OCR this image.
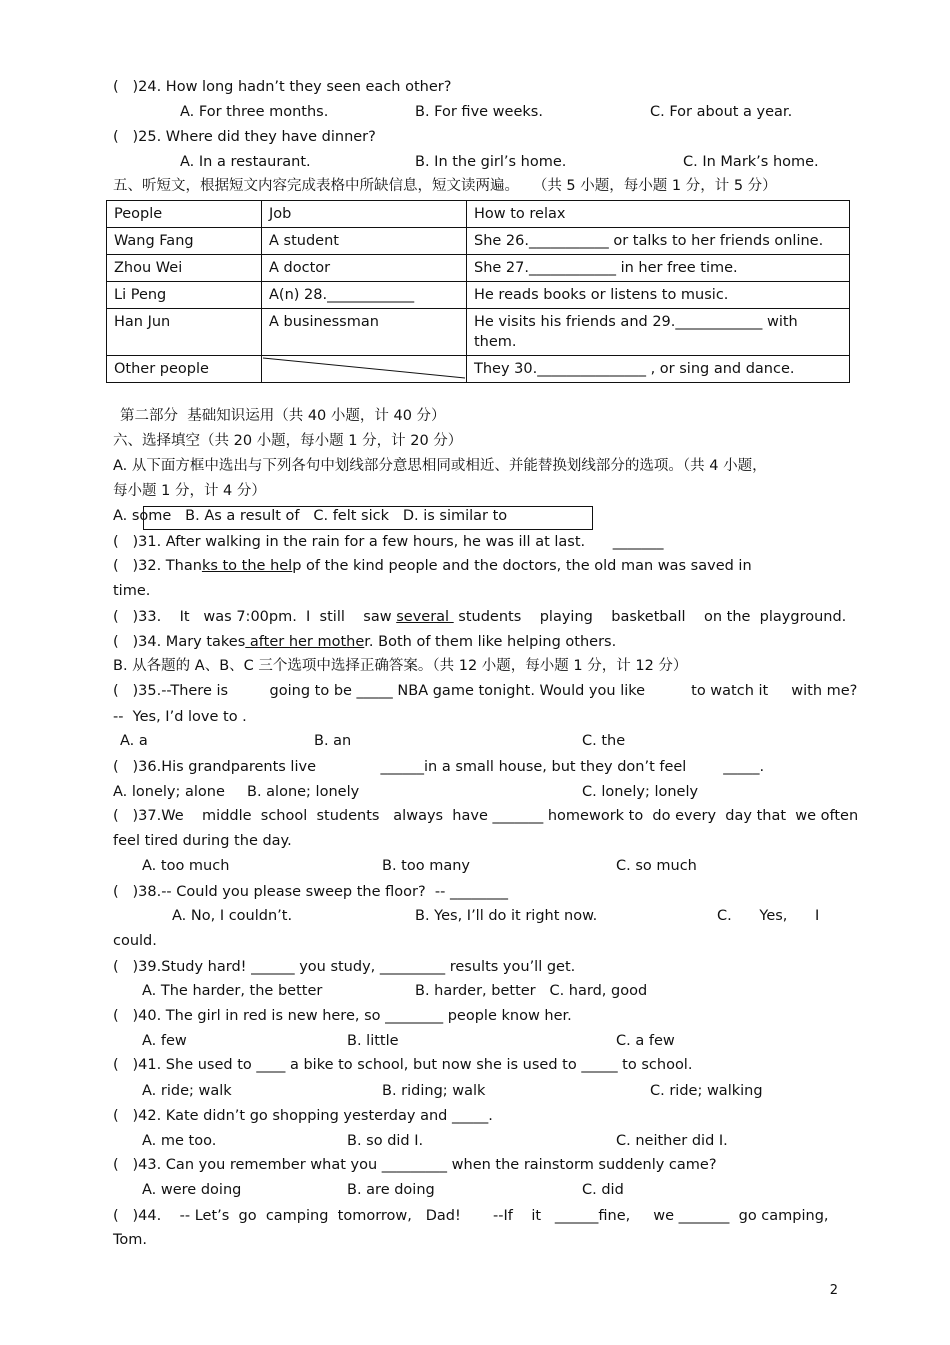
(   )24. How long hadn’t they seen each other?
A. For three months.	B. For five weeks.	C. For about a year.
(   )25. Where did they have dinner?
A. In a restaurant.	B. In the girl’s home.	C. In Mark’s home.
五、听短文，根据短文内容完成表格中所缺信息，短文读两遍。   （共 5 小题，每小题 1 分，计 5 分）
People	Job	How to relax
Wang Fang	A student	She 26.___________ or talks to her friends online.
Zhou Wei	A doctor	She 27.____________ in her free time.
Li Peng	A(n) 28.____________	He reads books or listens to music.
Han Jun	A businessman	He visits his friends and 29.____________ with them.
Other people		They 30._______________ , or sing and dance.
第二部分  基础知识运用（共 40 小题，计 40 分）
六、选择填空（共 20 小题，每小题 1 分，计 20 分）
A. 从下面方框中选出与下列各句中划线部分意思相同或相近、并能替换划线部分的选项。（共 4 小题，
每小题 1 分，计 4 分）
A. some   B. As a result of   C. felt sick   D. is similar to
(   )31. After walking in the rain for a few hours, he was ill at last.      _______
(   )32. Thanks to the help of the kind people and the doctors, the old man was saved in
time.
(   )33.    It   was 7:00pm.  I  still    saw several  students    playing    basketball    on the  playground.
(   )34. Mary takes after her mother. Both of them like helping others.
B. 从各题的 A、B、C 三个选项中选择正确答案。（共 12 小题，每小题 1 分，计 12 分）
(   )35.--There is         going to be _____ NBA game tonight. Would you like          to watch it     with me?
--  Yes, I’d love to .
A. a	B. an	C. the
(   )36.His grandparents live              ______in a small house, but they don’t feel        _____.
A. lonely; alone B. alone; lonely	C. lonely; lonely
(   )37.We    middle  school  students   always  have _______ homework to  do every  day that  we often
feel tired during the day.
A. too much	B. too many	C. so much
(   )38.-- Could you please sweep the floor?  -- ________
A. No, I couldn’t.	B. Yes, I’ll do it right now.	C.      Yes,      I
could.
(   )39.Study hard! ______ you study, _________ results you’ll get.
A. The harder, the better	B. harder, better   C. hard, good
(   )40. The girl in red is new here, so ________ people know her.
A. few	B. little	C. a few
(   )41. She used to ____ a bike to school, but now she is used to _____ to school.
A. ride; walk	B. riding; walk	C. ride; walking
(   )42. Kate didn’t go shopping yesterday and _____.
A. me too.	B. so did I.	C. neither did I.
(   )43. Can you remember what you _________ when the rainstorm suddenly came?
A. were doing	B. are doing	C. did
(   )44.    -- Let’s  go  camping  tomorrow,   Dad!       --If    it   ______fine,     we _______  go camping,
Tom.
2
